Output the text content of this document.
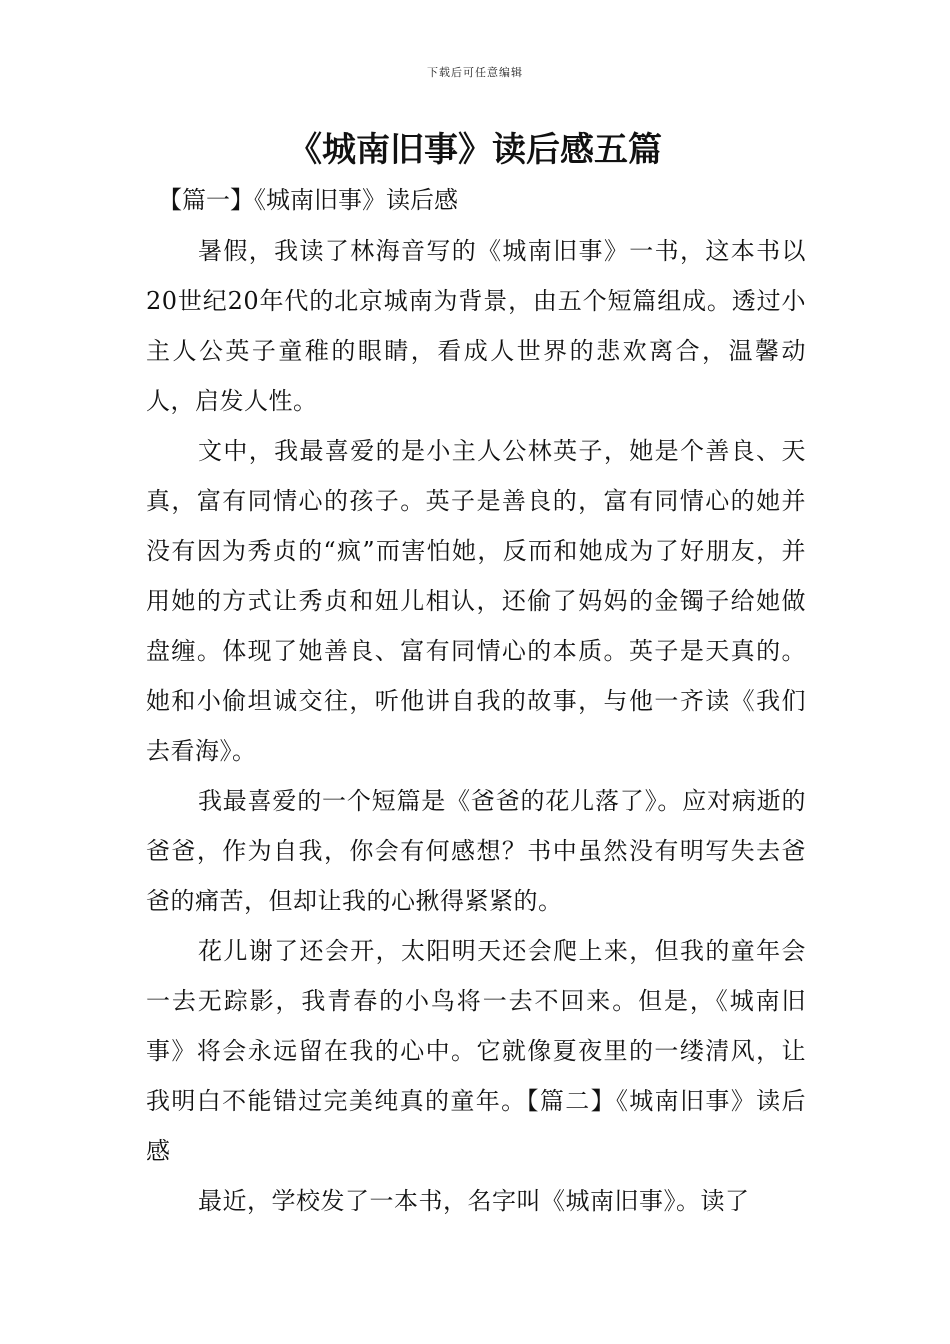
下载后可任意编辑
《城南旧事》读后感五篇
【篇一】《城南旧事》读后感

暑假，我读了林海音写的《城南旧事》一书，这本书以20世纪20年代的北京城南为背景，由五个短篇组成。透过小主人公英子童稚的眼睛，看成人世界的悲欢离合，温馨动人，启发人性。

文中，我最喜爱的是小主人公林英子，她是个善良、天真，富有同情心的孩子。英子是善良的，富有同情心的她并没有因为秀贞的“疯”而害怕她，反而和她成为了好朋友，并用她的方式让秀贞和妞儿相认，还偷了妈妈的金镯子给她做盘缠。体现了她善良、富有同情心的本质。英子是天真的。她和小偷坦诚交往，听他讲自我的故事，与他一齐读《我们去看海》。

我最喜爱的一个短篇是《爸爸的花儿落了》。应对病逝的爸爸，作为自我，你会有何感想？书中虽然没有明写失去爸爸的痛苦，但却让我的心揪得紧紧的。

花儿谢了还会开，太阳明天还会爬上来，但我的童年会一去无踪影，我青春的小鸟将一去不回来。但是，《城南旧事》将会永远留在我的心中。它就像夏夜里的一缕清风，让我明白不能错过完美纯真的童年。【篇二】《城南旧事》读后感

最近，学校发了一本书，名字叫《城南旧事》。读了
